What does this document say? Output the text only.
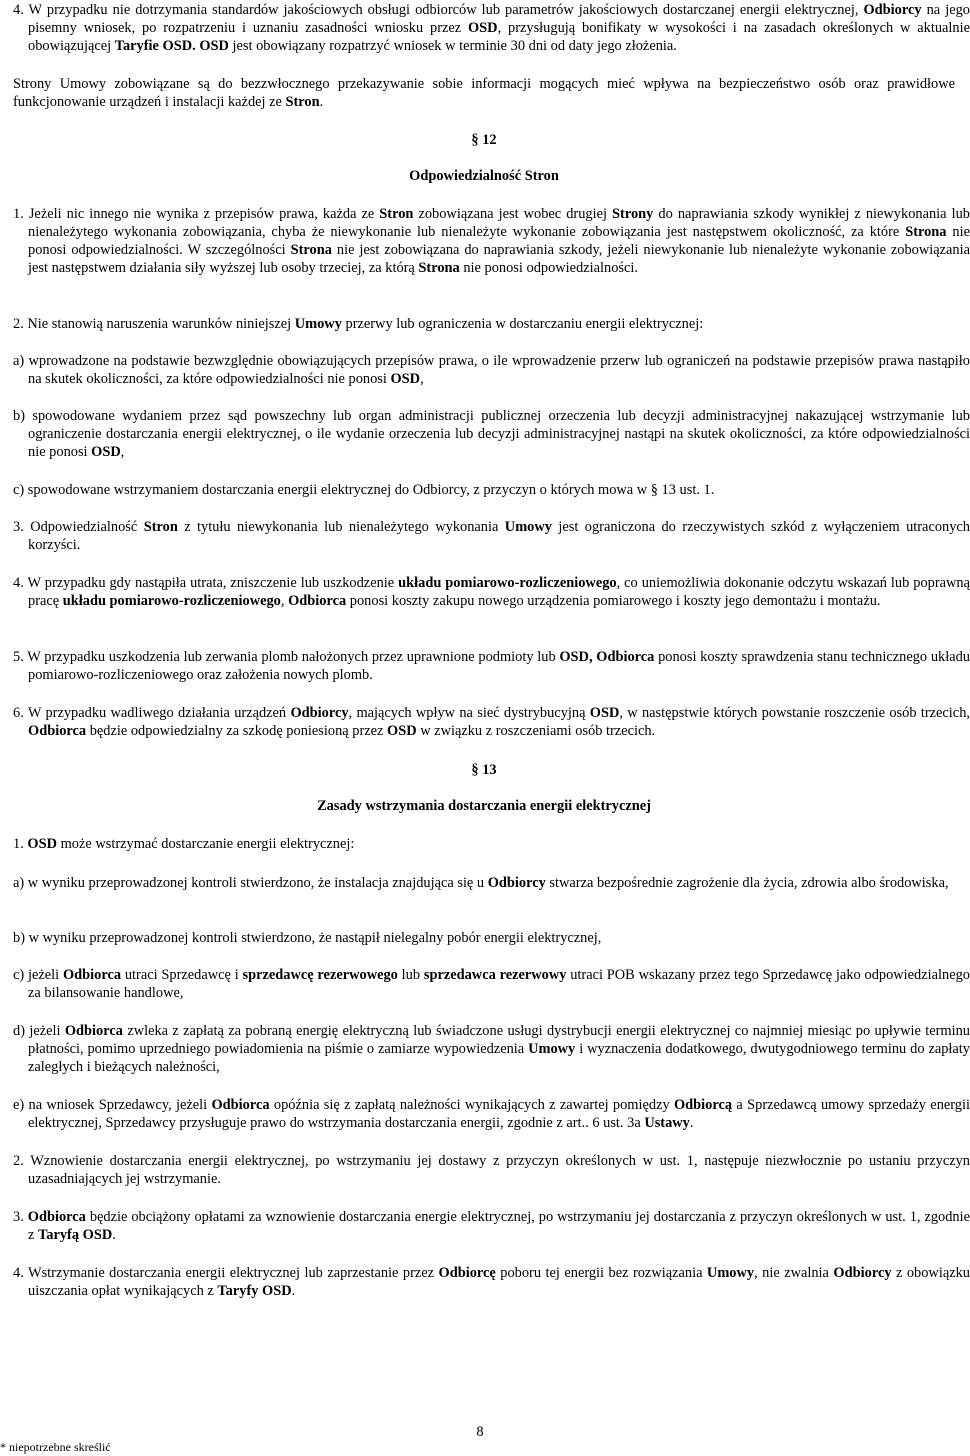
4. W przypadku nie dotrzymania standardów jakościowych obsługi odbiorców lub parametrów jakościowych dostarczanej energii elektrycznej, Odbiorcy na jego pisemny wniosek, po rozpatrzeniu i uznaniu zasadności wniosku przez OSD, przysługują bonifikaty w wysokości i na zasadach określonych w aktualnie obowiązującej Taryfie OSD. OSD jest obowiązany rozpatrzyć wniosek w terminie 30 dni od daty jego złożenia.

Strony Umowy zobowiązane są do bezzwłocznego przekazywanie sobie informacji mogących mieć wpływa na bezpieczeństwo osób oraz prawidłowe funkcjonowanie urządzeń i instalacji każdej ze Stron.

§ 12
Odpowiedzialność Stron

1. Jeżeli nic innego nie wynika z przepisów prawa, każda ze Stron zobowiązana jest wobec drugiej Strony do naprawiania szkody wynikłej z niewykonania lub nienależytego wykonania zobowiązania, chyba że niewykonanie lub nienależyte wykonanie zobowiązania jest następstwem okoliczność, za które Strona nie ponosi odpowiedzialności. W szczególności Strona nie jest zobowiązana do naprawiania szkody, jeżeli niewykonanie lub nienależyte wykonanie zobowiązania jest następstwem działania siły wyższej lub osoby trzeciej, za którą Strona nie ponosi odpowiedzialności.

2. Nie stanowią naruszenia warunków niniejszej Umowy przerwy lub ograniczenia w dostarczaniu energii elektrycznej:

a) wprowadzone na podstawie bezwzględnie obowiązujących przepisów prawa, o ile wprowadzenie przerw lub ograniczeń na podstawie przepisów prawa nastąpiło na skutek okoliczności, za które odpowiedzialności nie ponosi OSD,

b) spowodowane wydaniem przez sąd powszechny lub organ administracji publicznej orzeczenia lub decyzji administracyjnej nakazującej wstrzymanie lub ograniczenie dostarczania energii elektrycznej, o ile wydanie orzeczenia lub decyzji administracyjnej nastąpi na skutek okoliczności, za które odpowiedzialności nie ponosi OSD,

c) spowodowane wstrzymaniem dostarczania energii elektrycznej do Odbiorcy, z przyczyn o których mowa w § 13 ust. 1.

3. Odpowiedzialność Stron z tytułu niewykonania lub nienależytego wykonania Umowy jest ograniczona do rzeczywistych szkód z wyłączeniem utraconych korzyści.

4. W przypadku gdy nastąpiła utrata, zniszczenie lub uszkodzenie układu pomiarowo-rozliczeniowego, co uniemożliwia dokonanie odczytu wskazań lub poprawną pracę układu pomiarowo-rozliczeniowego, Odbiorca ponosi koszty zakupu nowego urządzenia pomiarowego i koszty jego demontażu i montażu.

5. W przypadku uszkodzenia lub zerwania plomb nałożonych przez uprawnione podmioty lub OSD, Odbiorca ponosi koszty sprawdzenia stanu technicznego układu pomiarowo-rozliczeniowego oraz założenia nowych plomb.

6. W przypadku wadliwego działania urządzeń Odbiorcy, mających wpływ na sieć dystrybucyjną OSD, w następstwie których powstanie roszczenie osób trzecich, Odbiorca będzie odpowiedzialny za szkodę poniesioną przez OSD w związku z roszczeniami osób trzecich.

§ 13
Zasady wstrzymania dostarczania energii elektrycznej

1. OSD może wstrzymać dostarczanie energii elektrycznej:

a) w wyniku przeprowadzonej kontroli stwierdzono, że instalacja znajdująca się u Odbiorcy stwarza bezpośrednie zagrożenie dla życia, zdrowia albo środowiska,

b) w wyniku przeprowadzonej kontroli stwierdzono, że nastąpił nielegalny pobór energii elektrycznej,

c) jeżeli Odbiorca utraci Sprzedawcę i sprzedawcę rezerwowego lub sprzedawca rezerwowy utraci POB wskazany przez tego Sprzedawcę jako odpowiedzialnego za bilansowanie handlowe,

d) jeżeli Odbiorca zwleka z zapłatą za pobraną energię elektryczną lub świadczone usługi dystrybucji energii elektrycznej co najmniej miesiąc po upływie terminu płatności, pomimo uprzedniego powiadomienia na piśmie o zamiarze wypowiedzenia Umowy i wyznaczenia dodatkowego, dwutygodniowego terminu do zapłaty zaległych i bieżących należności,

e) na wniosek Sprzedawcy, jeżeli Odbiorca opóźnia się z zapłatą należności wynikających z zawartej pomiędzy Odbiorcą a Sprzedawcą umowy sprzedaży energii elektrycznej, Sprzedawcy przysługuje prawo do wstrzymania dostarczania energii, zgodnie z art.. 6 ust. 3a Ustawy.

2. Wznowienie dostarczania energii elektrycznej, po wstrzymaniu jej dostawy z przyczyn określonych w ust. 1, następuje niezwłocznie po ustaniu przyczyn uzasadniających jej wstrzymanie.

3. Odbiorca będzie obciążony opłatami za wznowienie dostarczania energie elektrycznej, po wstrzymaniu jej dostarczania z przyczyn określonych w ust. 1, zgodnie z Taryfą OSD.

4. Wstrzymanie dostarczania energii elektrycznej lub zaprzestanie przez Odbiorcę poboru tej energii bez rozwiązania Umowy, nie zwalnia Odbiorcy z obowiązku uiszczania opłat wynikających z Taryfy OSD.

8
* niepotrzebne skreślić
